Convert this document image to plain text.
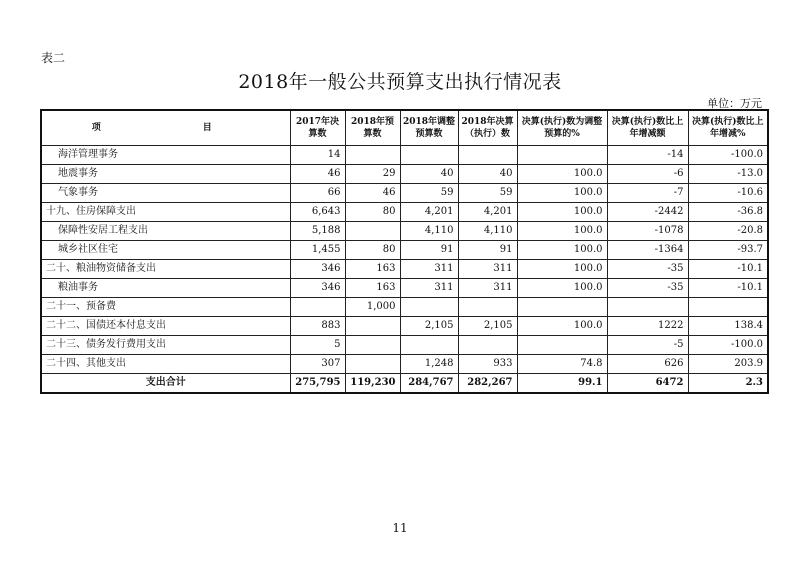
表二
2018年一般公共预算支出执行情况表
单位：万元
项　　目	2017年决算数	2018年预算数	2018年调整预算数	2018年决算（执行）数	决算(执行)数为调整预算的%	决算(执行)数比上年增减额	决算(执行)数比上年增减%
海洋管理事务	14					-14	-100.0
地震事务	46	29	40	40	100.0	-6	-13.0
气象事务	66	46	59	59	100.0	-7	-10.6
十九、住房保障支出	6,643	80	4,201	4,201	100.0	-2442	-36.8
保障性安居工程支出	5,188		4,110	4,110	100.0	-1078	-20.8
城乡社区住宅	1,455	80	91	91	100.0	-1364	-93.7
二十、粮油物资储备支出	346	163	311	311	100.0	-35	-10.1
粮油事务	346	163	311	311	100.0	-35	-10.1
二十一、预备费		1,000					
二十二、国债还本付息支出	883		2,105	2,105	100.0	1222	138.4
二十三、债务发行费用支出	5					-5	-100.0
二十四、其他支出	307		1,248	933	74.8	626	203.9
支出合计	275,795	119,230	284,767	282,267	99.1	6472	2.3
11
